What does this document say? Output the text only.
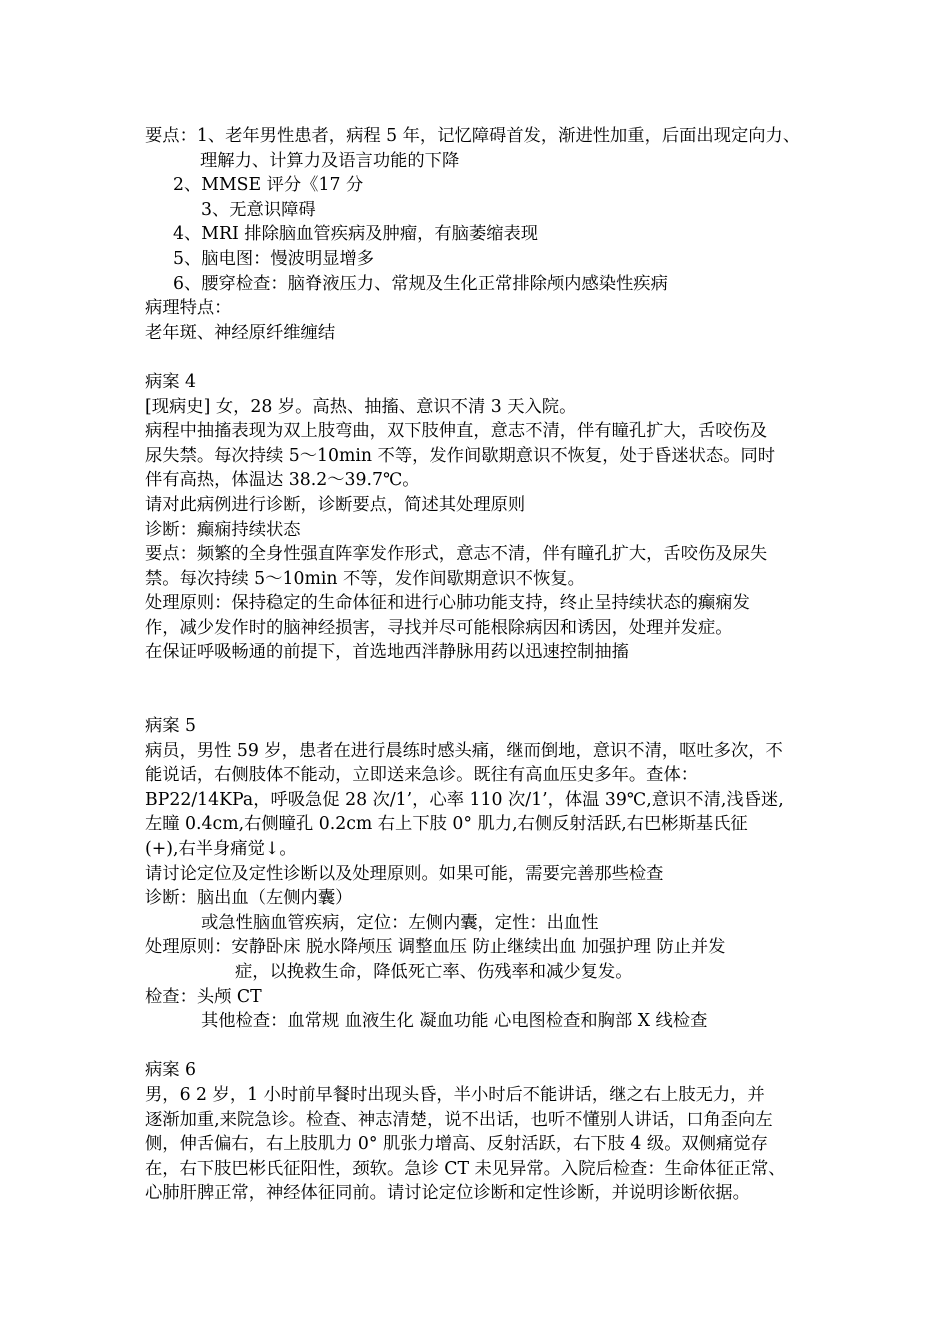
要点：1、老年男性患者，病程 5 年，记忆障碍首发，渐进性加重，后面出现定向力、
理解力、计算力及语言功能的下降
2、MMSE 评分《17 分
3、无意识障碍
4、MRI 排除脑血管疾病及肿瘤，有脑萎缩表现
5、脑电图：慢波明显增多
6、腰穿检查：脑脊液压力、常规及生化正常排除颅内感染性疾病
病理特点：
老年斑、神经原纤维缠结
病案 4
[现病史] 女，28 岁。高热、抽搐、意识不清 3 天入院。
病程中抽搐表现为双上肢弯曲，双下肢伸直，意志不清，伴有瞳孔扩大，舌咬伤及
尿失禁。每次持续 5～10min 不等，发作间歇期意识不恢复，处于昏迷状态。同时
伴有高热，体温达 38.2～39.7℃。
请对此病例进行诊断，诊断要点，简述其处理原则
诊断：癫痫持续状态
要点：频繁的全身性强直阵挛发作形式，意志不清，伴有瞳孔扩大，舌咬伤及尿失
禁。每次持续 5～10min 不等，发作间歇期意识不恢复。
处理原则：保持稳定的生命体征和进行心肺功能支持，终止呈持续状态的癫痫发
作，减少发作时的脑神经损害，寻找并尽可能根除病因和诱因，处理并发症。
在保证呼吸畅通的前提下，首选地西泮静脉用药以迅速控制抽搐
病案 5
病员，男性 59 岁，患者在进行晨练时感头痛，继而倒地，意识不清，呕吐多次，不
能说话，右侧肢体不能动，立即送来急诊。既往有高血压史多年。查体：
BP22/14KPa，呼吸急促 28 次/1’，心率 110 次/1’，体温 39℃,意识不清,浅昏迷,
左瞳 0.4cm,右侧瞳孔 0.2cm 右上下肢 0° 肌力,右侧反射活跃,右巴彬斯基氏征
(+),右半身痛觉↓。
请讨论定位及定性诊断以及处理原则。如果可能，需要完善那些检查
诊断：脑出血（左侧内囊）
或急性脑血管疾病，定位：左侧内囊，定性：出血性
处理原则：安静卧床 脱水降颅压 调整血压 防止继续出血 加强护理 防止并发
症，以挽救生命，降低死亡率、伤残率和减少复发。
检查：头颅 CT
其他检查：血常规 血液生化 凝血功能 心电图检查和胸部 X 线检查
病案 6
男，6 2 岁，1 小时前早餐时出现头昏，半小时后不能讲话，继之右上肢无力，并
逐渐加重,来院急诊。检查、神志清楚，说不出话，也听不懂别人讲话，口角歪向左
侧，伸舌偏右，右上肢肌力 0° 肌张力增高、反射活跃，右下肢 4 级。双侧痛觉存
在，右下肢巴彬氏征阳性，颈软。急诊 CT 未见异常。入院后检查：生命体征正常、
心肺肝脾正常，神经体征同前。请讨论定位诊断和定性诊断，并说明诊断依据。
